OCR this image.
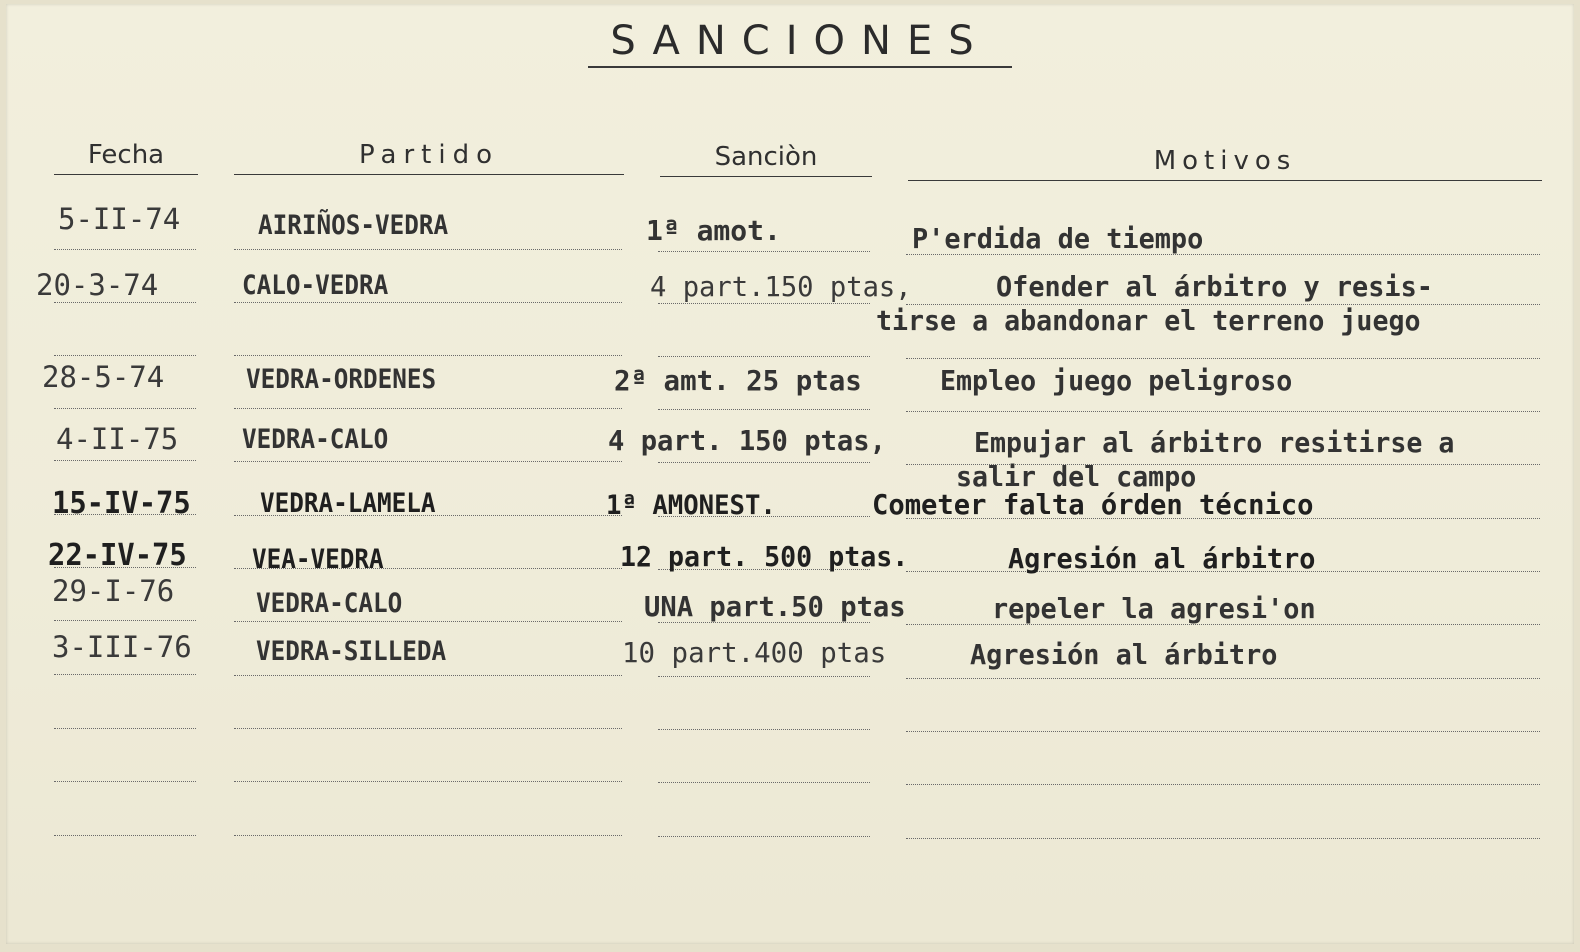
SANCIONES
Fecha	Partido	Sanciòn	Motivos
5-II-74	AIRIÑOS-VEDRA	1ª amot.	P'erdida de tiempo
20-3-74	CALO-VEDRA	4 part.150 ptas,	Ofender al árbitro y resis-
tirse a abandonar el terreno juego
28-5-74	VEDRA-ORDENES	2ª amt. 25 ptas	Empleo juego peligroso
4-II-75 VEDRA-CALO	4 part. 150 ptas,	Empujar al árbitro resitirse a
salir del campo
15-IV-75	VEDRA-LAMELA	1ª AMONEST.	Cometer falta órden técnico
22-IV-75 VEA-VEDRA	12 part. 500 ptas.	Agresión al árbitro
29-I-76	VEDRA-CALO	UNA part.50 ptas	repeler la agresi'on
3-III-76 VEDRA-SILLEDA	10 part.400 ptas	Agresión al árbitro
